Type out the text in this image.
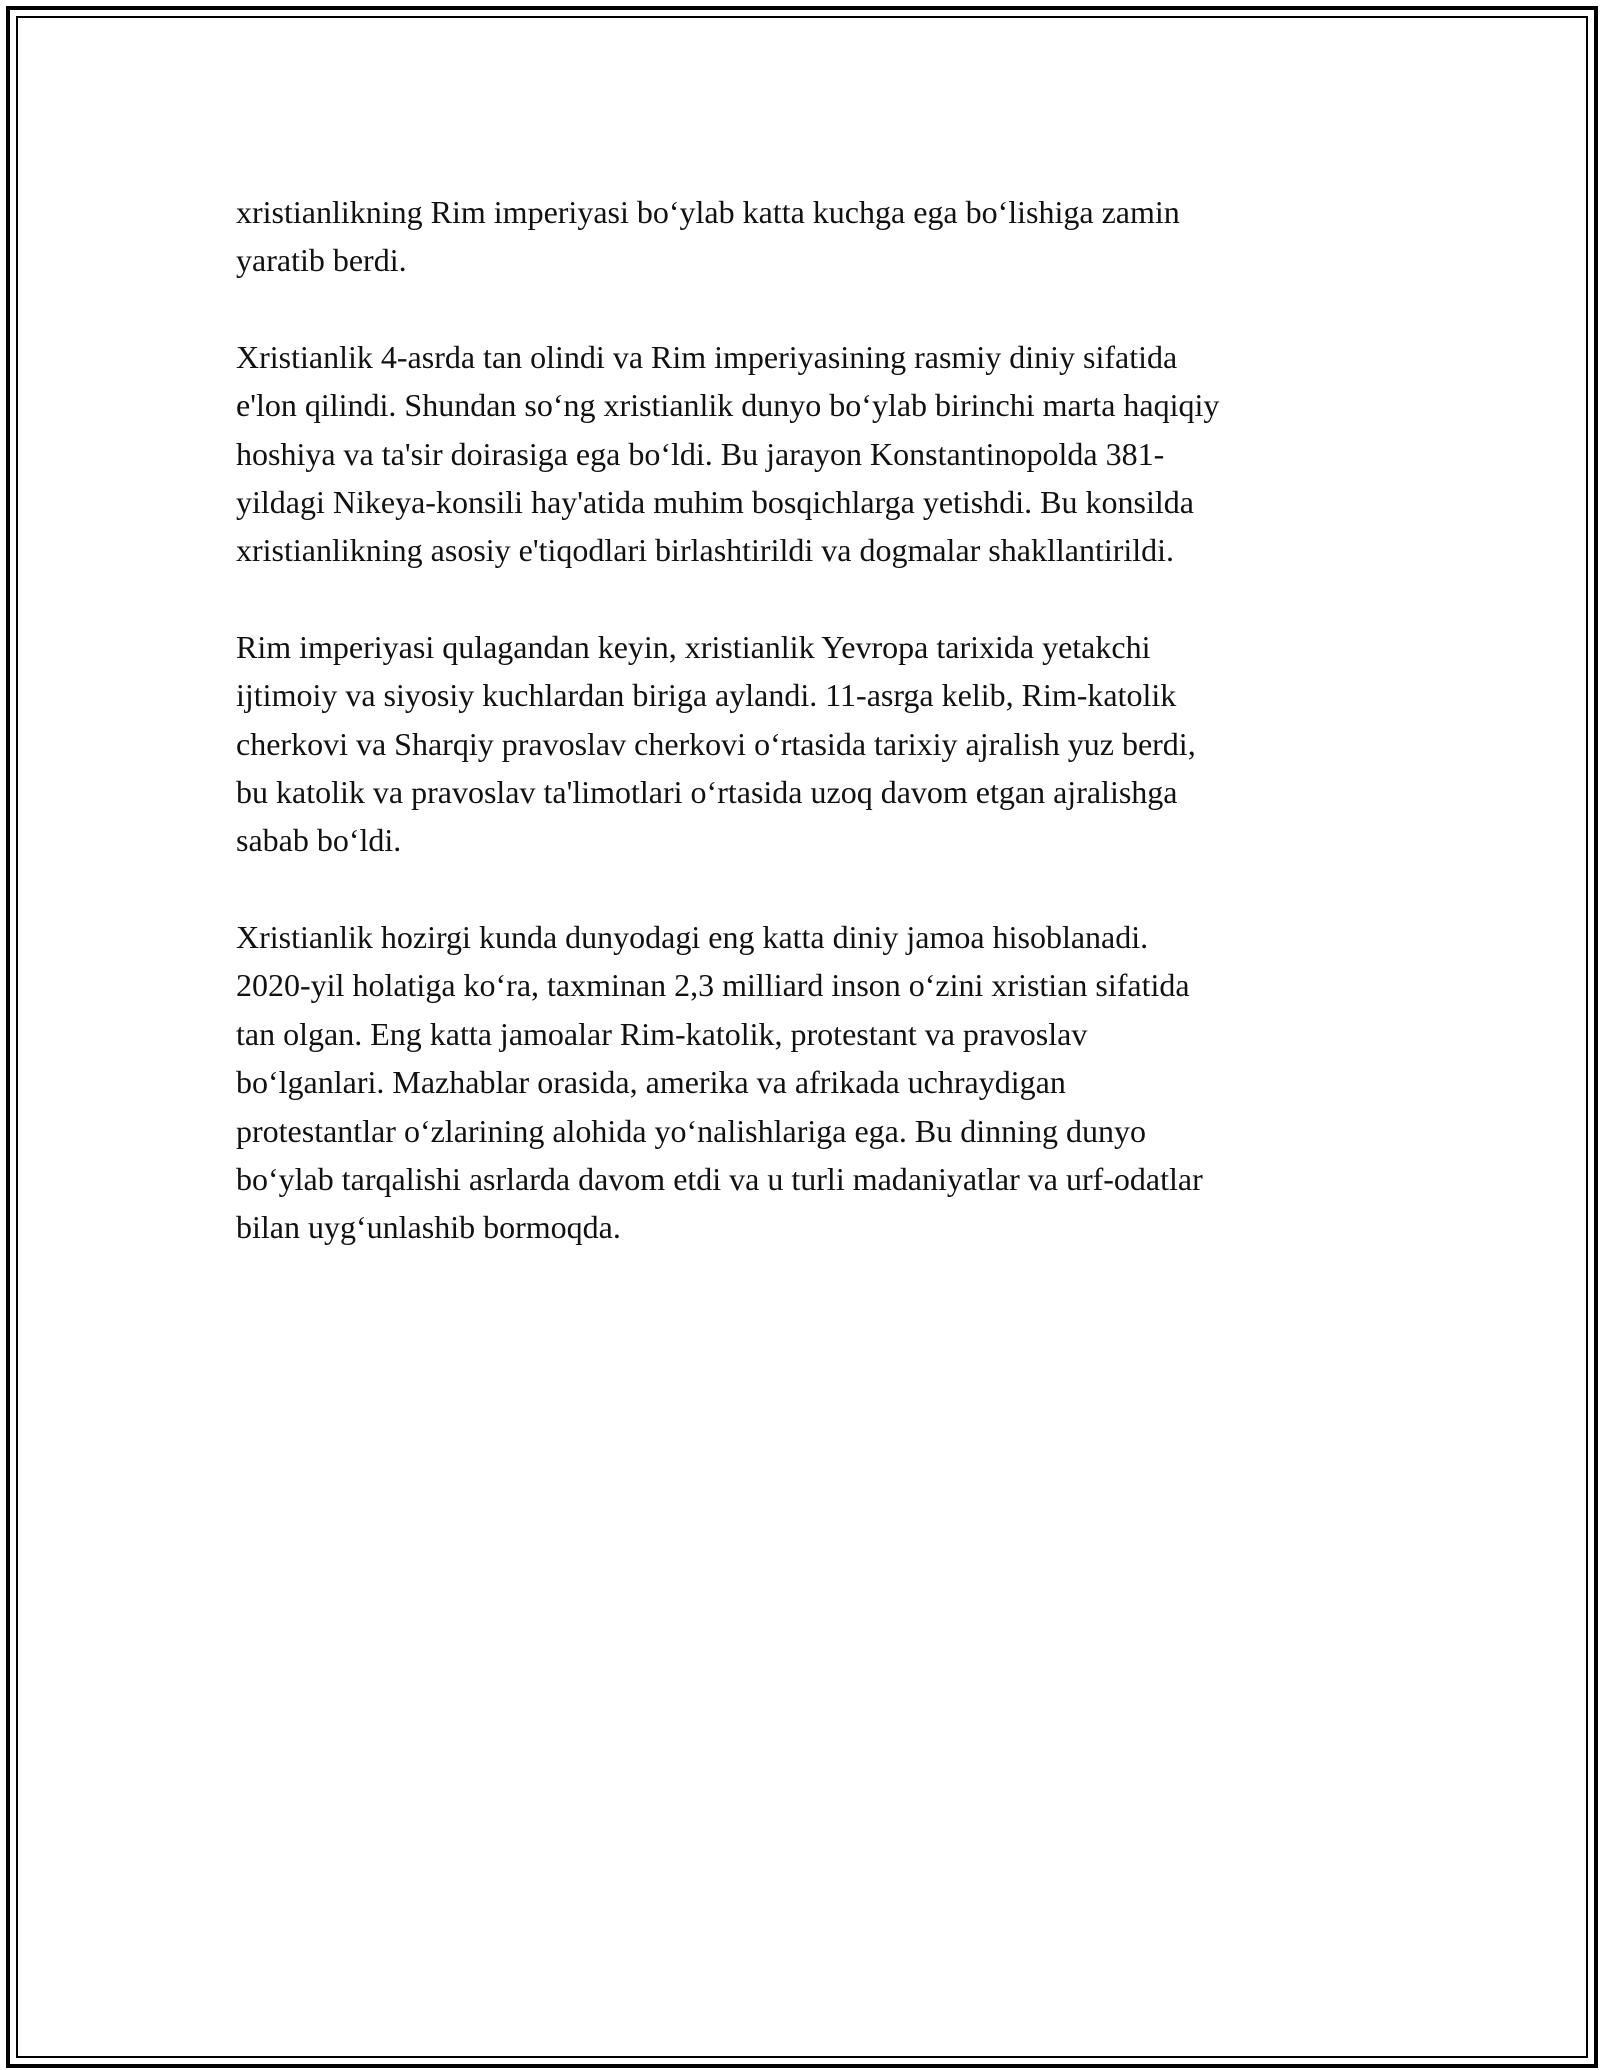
xristianlikning Rim imperiyasi bo‘ylab katta kuchga ega bo‘lishiga zamin
yaratib berdi.

Xristianlik 4-asrda tan olindi va Rim imperiyasining rasmiy diniy sifatida
e'lon qilindi. Shundan so‘ng xristianlik dunyo bo‘ylab birinchi marta haqiqiy
hoshiya va ta'sir doirasiga ega bo‘ldi. Bu jarayon Konstantinopolda 381-
yildagi Nikeya-konsili hay'atida muhim bosqichlarga yetishdi. Bu konsilda
xristianlikning asosiy e'tiqodlari birlashtirildi va dogmalar shakllantirildi.

Rim imperiyasi qulagandan keyin, xristianlik Yevropa tarixida yetakchi
ijtimoiy va siyosiy kuchlardan biriga aylandi. 11-asrga kelib, Rim-katolik
cherkovi va Sharqiy pravoslav cherkovi o‘rtasida tarixiy ajralish yuz berdi,
bu katolik va pravoslav ta'limotlari o‘rtasida uzoq davom etgan ajralishga
sabab bo‘ldi.

Xristianlik hozirgi kunda dunyodagi eng katta diniy jamoa hisoblanadi.
2020-yil holatiga ko‘ra, taxminan 2,3 milliard inson o‘zini xristian sifatida
tan olgan. Eng katta jamoalar Rim-katolik, protestant va pravoslav
bo‘lganlari. Mazhablar orasida, amerika va afrikada uchraydigan
protestantlar o‘zlarining alohida yo‘nalishlariga ega. Bu dinning dunyo
bo‘ylab tarqalishi asrlarda davom etdi va u turli madaniyatlar va urf-odatlar
bilan uyg‘unlashib bormoqda.
